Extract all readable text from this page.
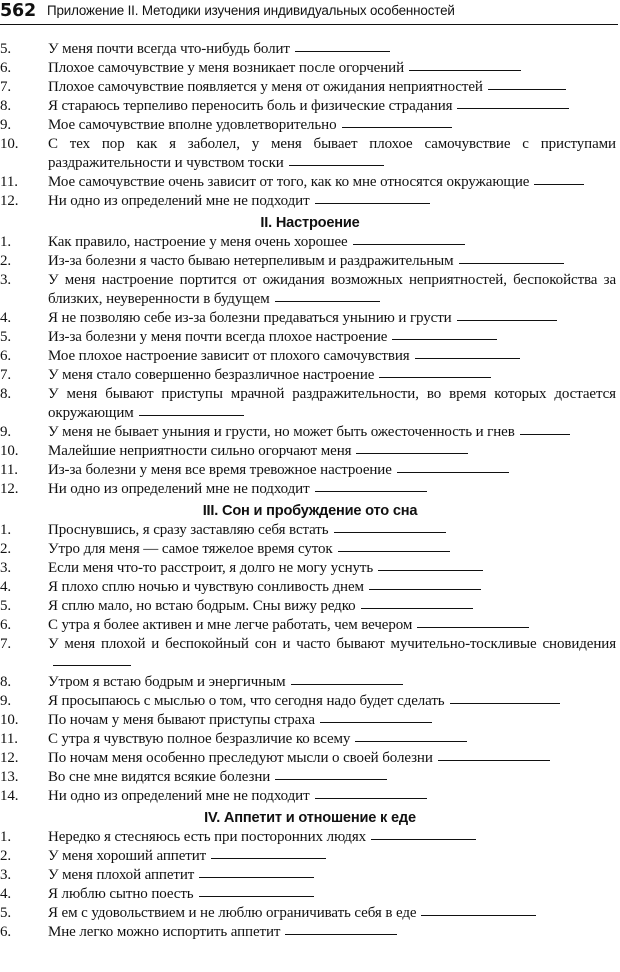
562 Приложение II. Методики изучения индивидуальных особенностей
5.	У меня почти всегда что-нибудь болит
6.	Плохое самочувствие у меня возникает после огорчений
7.	Плохое самочувствие появляется у меня от ожидания неприятностей
8.	Я стараюсь терпеливо переносить боль и физические страдания
9.	Мое самочувствие вполне удовлетворительно
10.	С тех пор как я заболел, у меня бывает плохое самочувствие с приступами раздражительности и чувством тоски
11.	Мое самочувствие очень зависит от того, как ко мне относятся окружающие
12.	Ни одно из определений мне не подходит
II. Настроение
1.	Как правило, настроение у меня очень хорошее
2.	Из-за болезни я часто бываю нетерпеливым и раздражительным
3.	У меня настроение портится от ожидания возможных неприятностей, беспокойства за близких, неуверенности в будущем
4.	Я не позволяю себе из-за болезни предаваться унынию и грусти
5.	Из-за болезни у меня почти всегда плохое настроение
6.	Мое плохое настроение зависит от плохого самочувствия
7.	У меня стало совершенно безразличное настроение
8.	У меня бывают приступы мрачной раздражительности, во время которых достается окружающим
9.	У меня не бывает уныния и грусти, но может быть ожесточенность и гнев
10.	Малейшие неприятности сильно огорчают меня
11.	Из-за болезни у меня все время тревожное настроение
12.	Ни одно из определений мне не подходит
III. Сон и пробуждение ото сна
1.	Проснувшись, я сразу заставляю себя встать
2.	Утро для меня — самое тяжелое время суток
3.	Если меня что-то расстроит, я долго не могу уснуть
4.	Я плохо сплю ночью и чувствую сонливость днем
5.	Я сплю мало, но встаю бодрым. Сны вижу редко
6.	С утра я более активен и мне легче работать, чем вечером
7.	У меня плохой и беспокойный сон и часто бывают мучительно-тоскливые сновидения
8.	Утром я встаю бодрым и энергичным
9.	Я просыпаюсь с мыслью о том, что сегодня надо будет сделать
10.	По ночам у меня бывают приступы страха
11.	С утра я чувствую полное безразличие ко всему
12.	По ночам меня особенно преследуют мысли о своей болезни
13.	Во сне мне видятся всякие болезни
14.	Ни одно из определений мне не подходит
IV. Аппетит и отношение к еде
1.	Нередко я стесняюсь есть при посторонних людях
2.	У меня хороший аппетит
3.	У меня плохой аппетит
4.	Я люблю сытно поесть
5.	Я ем с удовольствием и не люблю ограничивать себя в еде
6.	Мне легко можно испортить аппетит
